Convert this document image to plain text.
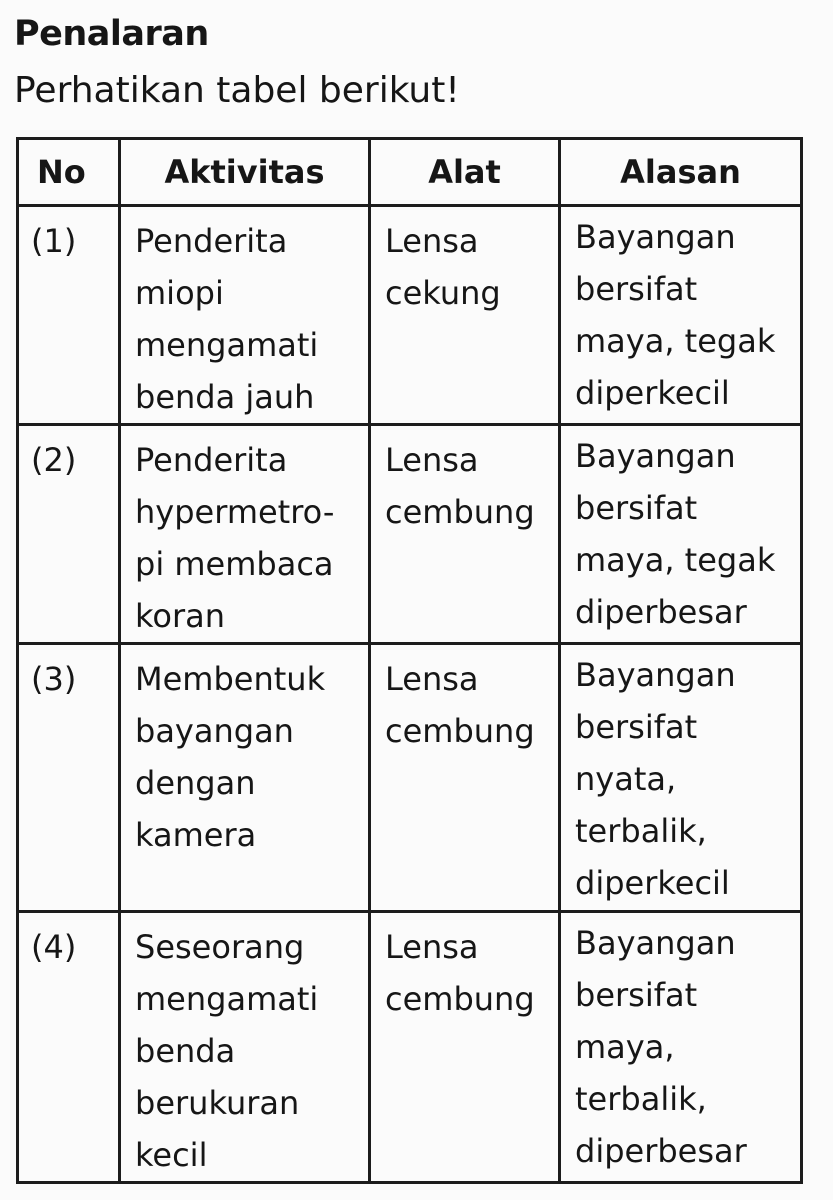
Penalaran

Perhatikan tabel berikut!

No	Aktivitas	Alat	Alasan
(1)	Penderita
miopi
mengamati
benda jauh	Lensa
cekung	Bayangan
bersifat
maya, tegak
diperkecil

(2)	Penderita
hypermetro-
pi membaca
koran	Lensa
cembung	Bayangan
bersifat
maya, tegak
diperbesar

(3)	Membentuk
bayangan
dengan
kamera	Lensa
cembung	Bayangan
bersifat
nyata,
terbalik,
diperkecil

(4)	Seseorang
mengamati
benda
berukuran
kecil	Lensa
cembung	Bayangan
bersifat
maya,
terbalik,
diperbesar
